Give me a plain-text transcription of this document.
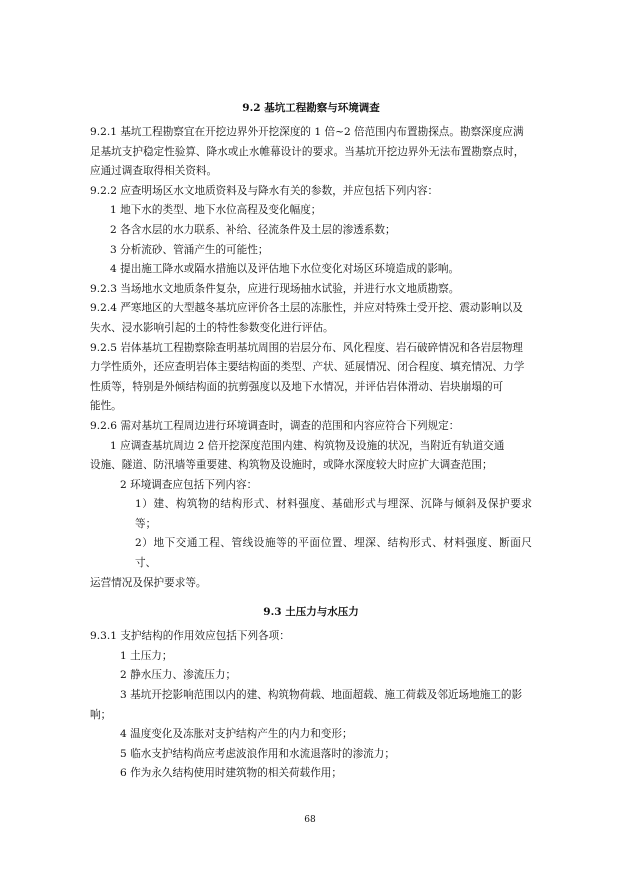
9.2 基坑工程勘察与环境调查

9.2.1 基坑工程勘察宜在开挖边界外开挖深度的 1 倍~2 倍范围内布置勘探点。勘察深度应满

足基坑支护稳定性验算、降水或止水帷幕设计的要求。当基坑开挖边界外无法布置勘察点时，

应通过调查取得相关资料。

9.2.2 应查明场区水文地质资料及与降水有关的参数，并应包括下列内容：

1 地下水的类型、地下水位高程及变化幅度；

2 各含水层的水力联系、补给、径流条件及土层的渗透系数；

3 分析流砂、管涌产生的可能性；

4 提出施工降水或隔水措施以及评估地下水位变化对场区环境造成的影响。

9.2.3 当场地水文地质条件复杂，应进行现场抽水试验，并进行水文地质勘察。

9.2.4 严寒地区的大型越冬基坑应评价各土层的冻胀性，并应对特殊土受开挖、震动影响以及

失水、浸水影响引起的土的特性参数变化进行评估。

9.2.5 岩体基坑工程勘察除查明基坑周围的岩层分布、风化程度、岩石破碎情况和各岩层物理

力学性质外，还应查明岩体主要结构面的类型、产状、延展情况、闭合程度、填充情况、力学

性质等，特别是外倾结构面的抗剪强度以及地下水情况，并评估岩体滑动、岩块崩塌的可

能性。

9.2.6 需对基坑工程周边进行环境调查时，调查的范围和内容应符合下列规定：

1 应调查基坑周边 2 倍开挖深度范围内建、构筑物及设施的状况，当附近有轨道交通

设施、隧道、防汛墙等重要建、构筑物及设施时，或降水深度较大时应扩大调查范围；

2 环境调查应包括下列内容：

1）建、构筑物的结构形式、材料强度、基础形式与埋深、沉降与倾斜及保护要求等；

2）地下交通工程、管线设施等的平面位置、埋深、结构形式、材料强度、断面尺寸、

运营情况及保护要求等。

9.3 土压力与水压力

9.3.1 支护结构的作用效应包括下列各项：

1 土压力；

2 静水压力、渗流压力；

3 基坑开挖影响范围以内的建、构筑物荷载、地面超载、施工荷载及邻近场地施工的影

响；

4 温度变化及冻胀对支护结构产生的内力和变形；

5 临水支护结构尚应考虑波浪作用和水流退落时的渗流力；

6 作为永久结构使用时建筑物的相关荷载作用；

68
